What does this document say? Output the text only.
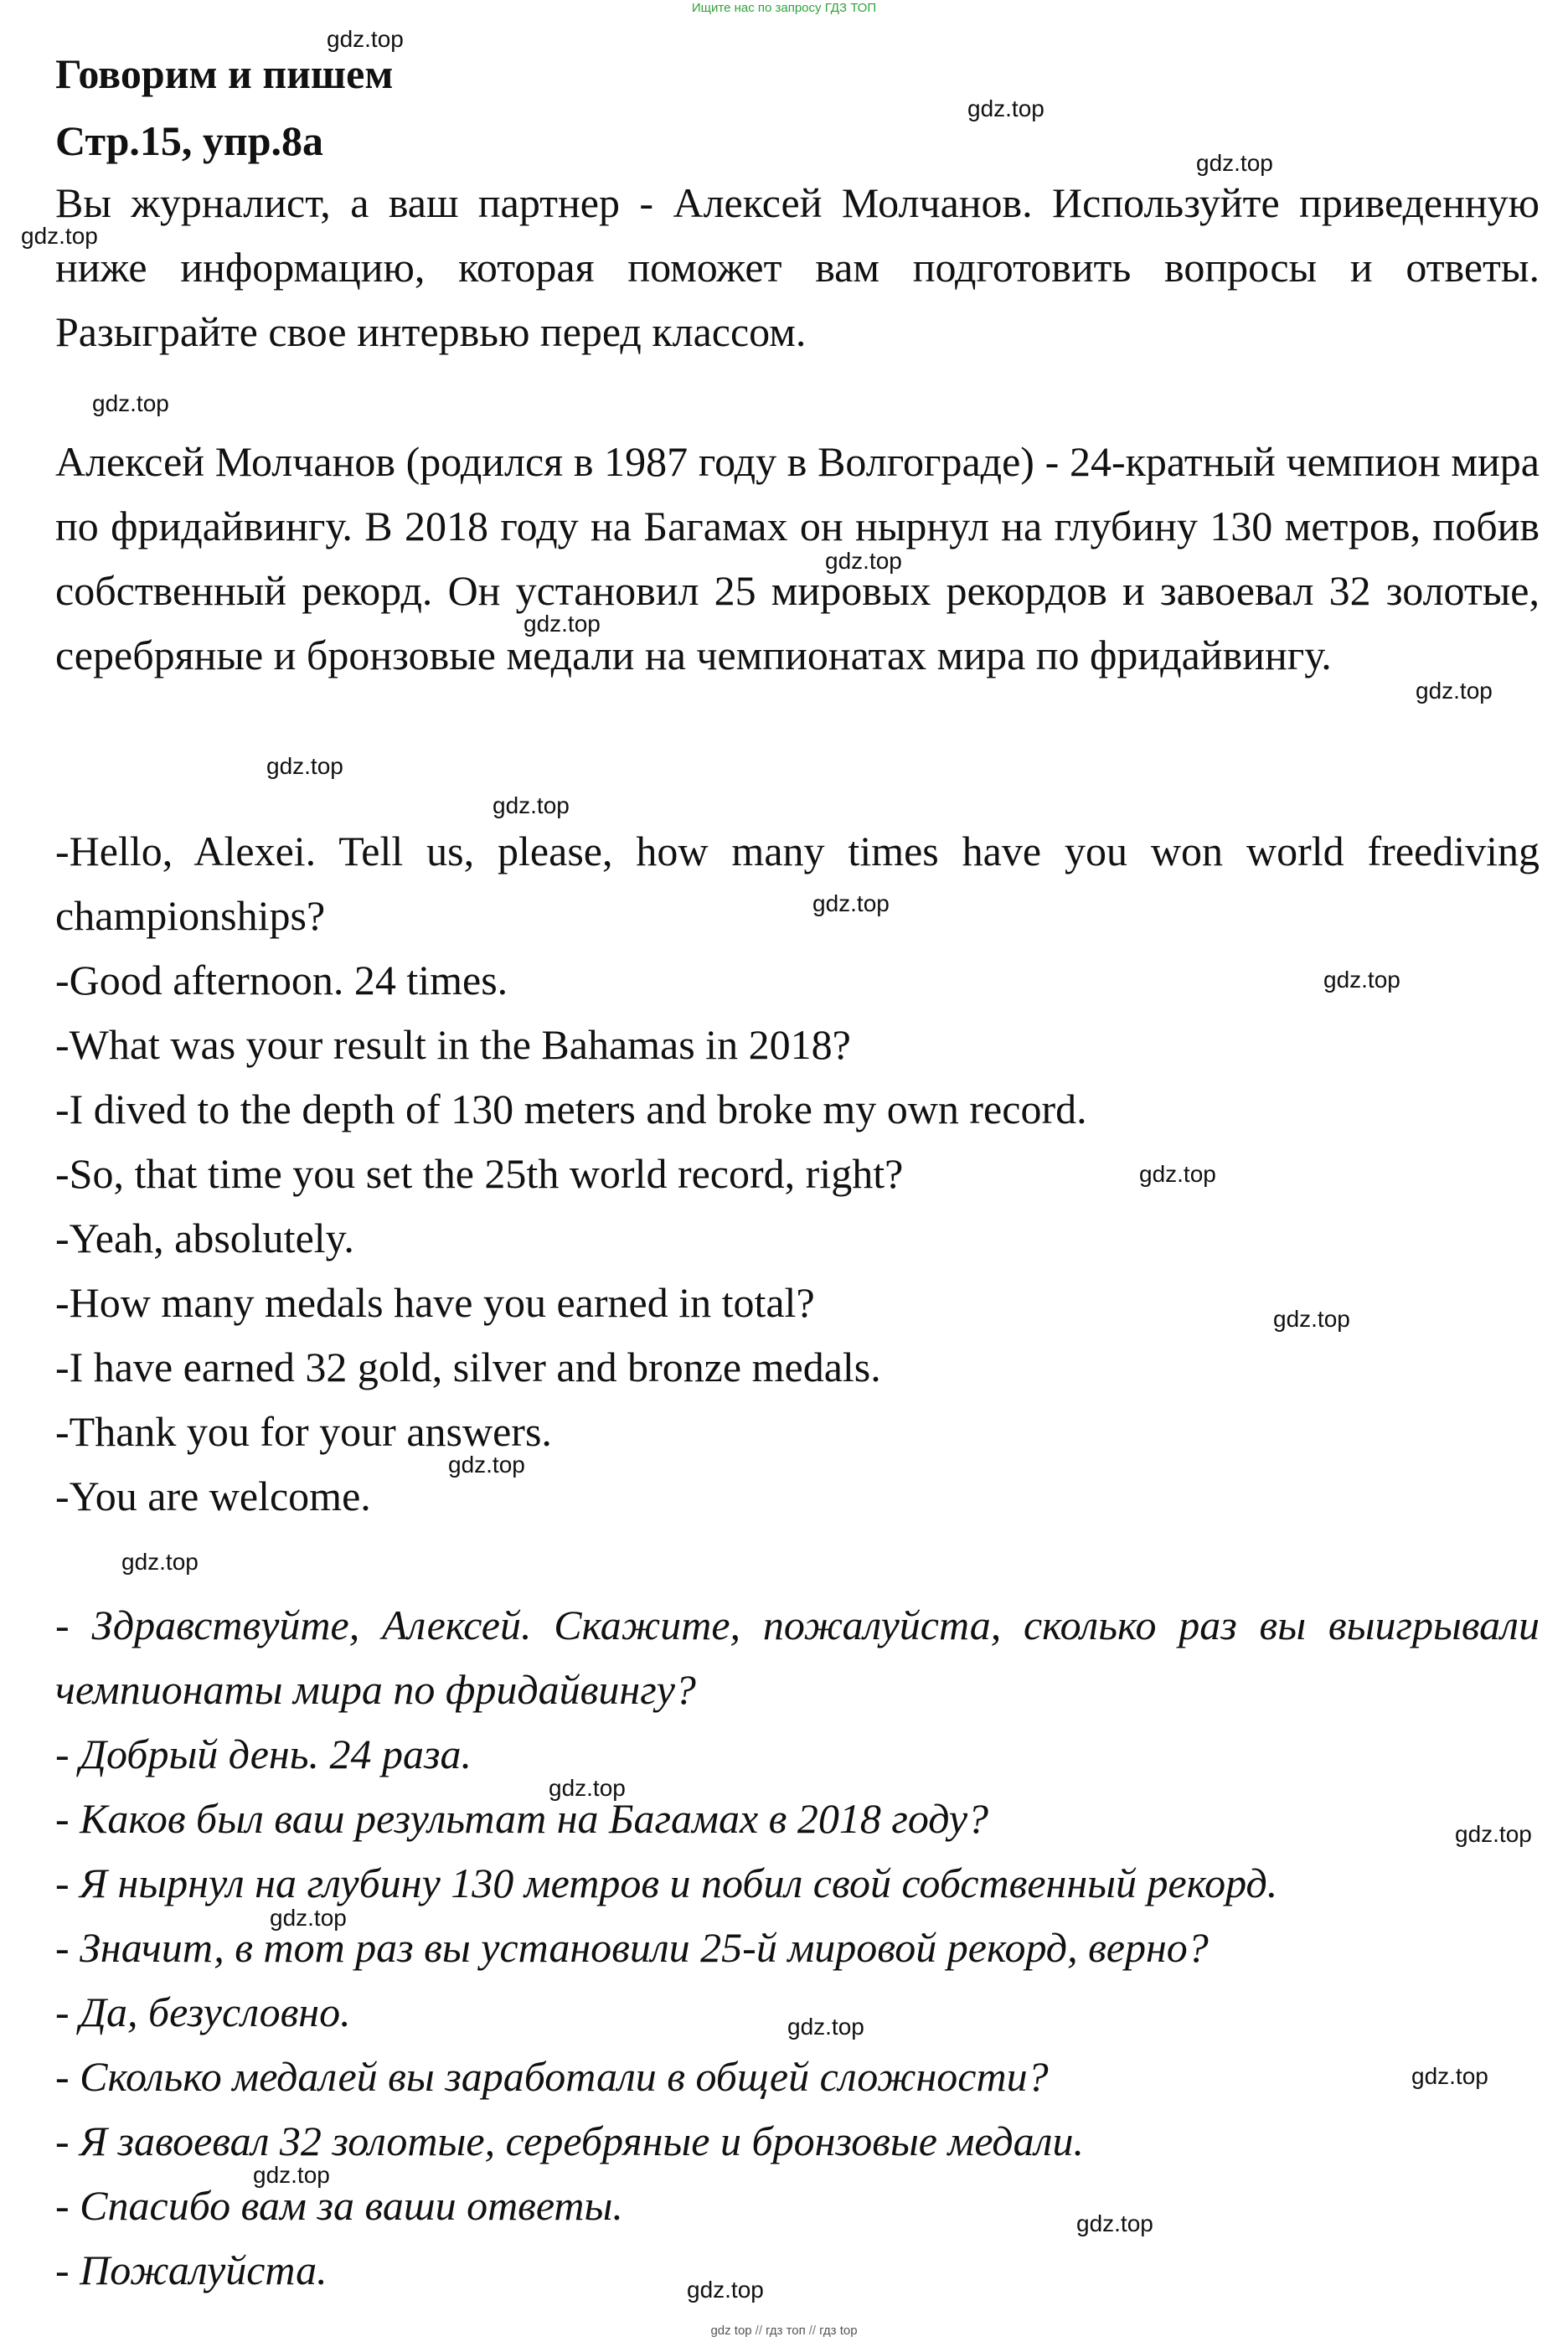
Ищите нас по запросу ГДЗ ТОП
Говорим и пишем
Стр.15, упр.8a
Вы журналист, а ваш партнер - Алексей Молчанов. Используйте приведенную ниже информацию, которая поможет вам подготовить вопросы и ответы. Разыграйте свое интервью перед классом.
Алексей Молчанов (родился в 1987 году в Волгограде) - 24-кратный чемпион мира по фридайвингу. В 2018 году на Багамах он нырнул на глубину 130 метров, побив собственный рекорд. Он установил 25 мировых рекордов и завоевал 32 золотые, серебряные и бронзовые медали на чемпионатах мира по фридайвингу.
-Hello, Alexei. Tell us, please, how many times have you won world freediving championships?
-Good afternoon. 24 times.
-What was your result in the Bahamas in 2018?
-I dived to the depth of 130 meters and broke my own record.
-So, that time you set the 25th world record, right?
-Yeah, absolutely.
-How many medals have you earned in total?
-I have earned 32 gold, silver and bronze medals.
-Thank you for your answers.
-You are welcome.
- Здравствуйте, Алексей. Скажите, пожалуйста, сколько раз вы выигрывали чемпионаты мира по фридайвингу?
- Добрый день. 24 раза.
- Каков был ваш результат на Багамах в 2018 году?
- Я нырнул на глубину 130 метров и побил свой собственный рекорд.
- Значит, в тот раз вы установили 25-й мировой рекорд, верно?
- Да, безусловно.
- Сколько медалей вы заработали в общей сложности?
- Я завоевал 32 золотые, серебряные и бронзовые медали.
- Спасибо вам за ваши ответы.
- Пожалуйста.
gdz.top
gdz.top
gdz.top
gdz.top
gdz.top
gdz.top
gdz.top
gdz.top
gdz.top
gdz.top
gdz.top
gdz.top
gdz.top
gdz.top
gdz.top
gdz.top
gdz.top
gdz.top
gdz.top
gdz.top
gdz.top
gdz.top
gdz.top
gdz.top
gdz top // гдз топ // гдз top
